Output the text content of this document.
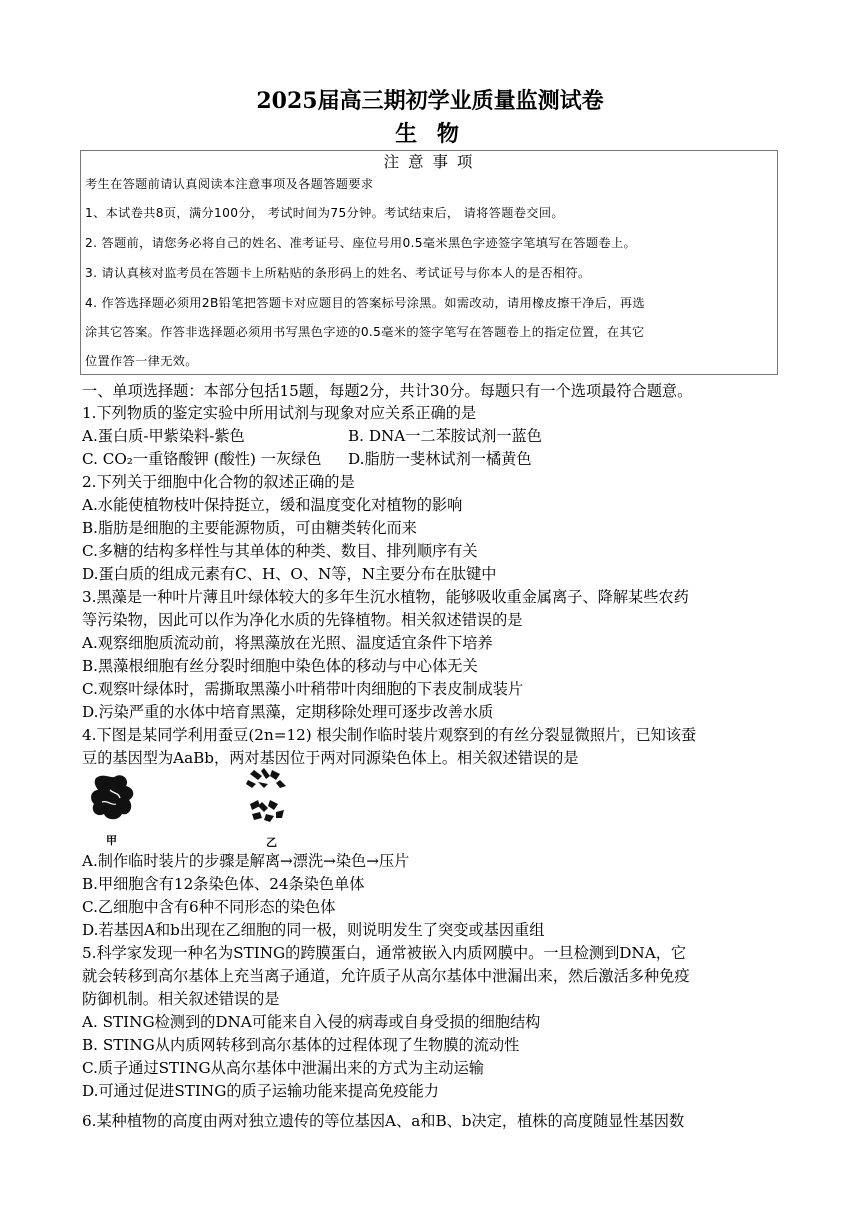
2025届高三期初学业质量监测试卷
生 物
注 意 事 项
考生在答题前请认真阅读本注意事项及各题答题要求
1、本试卷共8页，满分100分， 考试时间为75分钟。考试结束后， 请将答题卷交回。
2. 答题前，请您务必将自己的姓名、准考证号、座位号用0.5毫米黑色字迹签字笔填写在答题卷上。
3. 请认真核对监考员在答题卡上所粘贴的条形码上的姓名、考试证号与你本人的是否相符。
4. 作答选择题必须用2B铅笔把答题卡对应题目的答案标号涂黑。如需改动，请用橡皮擦干净后，再选
涂其它答案。作答非选择题必须用书写黑色字迹的0.5毫米的签字笔写在答题卷上的指定位置，在其它
位置作答一律无效。
一、单项选择题：本部分包括15题，每题2分，共计30分。每题只有一个选项最符合题意。
1.下列物质的鉴定实验中所用试剂与现象对应关系正确的是
A.蛋白质-甲紫染料-紫色	B. DNA一二苯胺试剂一蓝色
C. CO₂一重铬酸钾 (酸性) 一灰绿色 D.脂肪一斐林试剂一橘黄色
2.下列关于细胞中化合物的叙述正确的是
A.水能使植物枝叶保持挺立，缓和温度变化对植物的影响
B.脂肪是细胞的主要能源物质，可由糖类转化而来
C.多糖的结构多样性与其单体的种类、数目、排列顺序有关
D.蛋白质的组成元素有C、H、O、N等，N主要分布在肽键中
3.黑藻是一种叶片薄且叶绿体较大的多年生沉水植物，能够吸收重金属离子、降解某些农药
等污染物，因此可以作为净化水质的先锋植物。相关叙述错误的是
A.观察细胞质流动前，将黑藻放在光照、温度适宜条件下培养
B.黑藻根细胞有丝分裂时细胞中染色体的移动与中心体无关
C.观察叶绿体时，需撕取黑藻小叶稍带叶肉细胞的下表皮制成装片
D.污染严重的水体中培育黑藻，定期移除处理可逐步改善水质
4.下图是某同学利用蚕豆(2n=12) 根尖制作临时装片观察到的有丝分裂显微照片，已知该蚕
豆的基因型为AaBb，两对基因位于两对同源染色体上。相关叙述错误的是
甲	乙
A.制作临时装片的步骤是解离→漂洗→染色→压片
B.甲细胞含有12条染色体、24条染色单体
C.乙细胞中含有6种不同形态的染色体
D.若基因A和b出现在乙细胞的同一极，则说明发生了突变或基因重组
5.科学家发现一种名为STING的跨膜蛋白，通常被嵌入内质网膜中。一旦检测到DNA，它
就会转移到高尔基体上充当离子通道，允许质子从高尔基体中泄漏出来，然后激活多种免疫
防御机制。相关叙述错误的是
A. STING检测到的DNA可能来自入侵的病毒或自身受损的细胞结构
B. STING从内质网转移到高尔基体的过程体现了生物膜的流动性
C.质子通过STING从高尔基体中泄漏出来的方式为主动运输
D.可通过促进STING的质子运输功能来提高免疫能力
6.某种植物的高度由两对独立遗传的等位基因A、a和B、b决定，植株的高度随显性基因数
